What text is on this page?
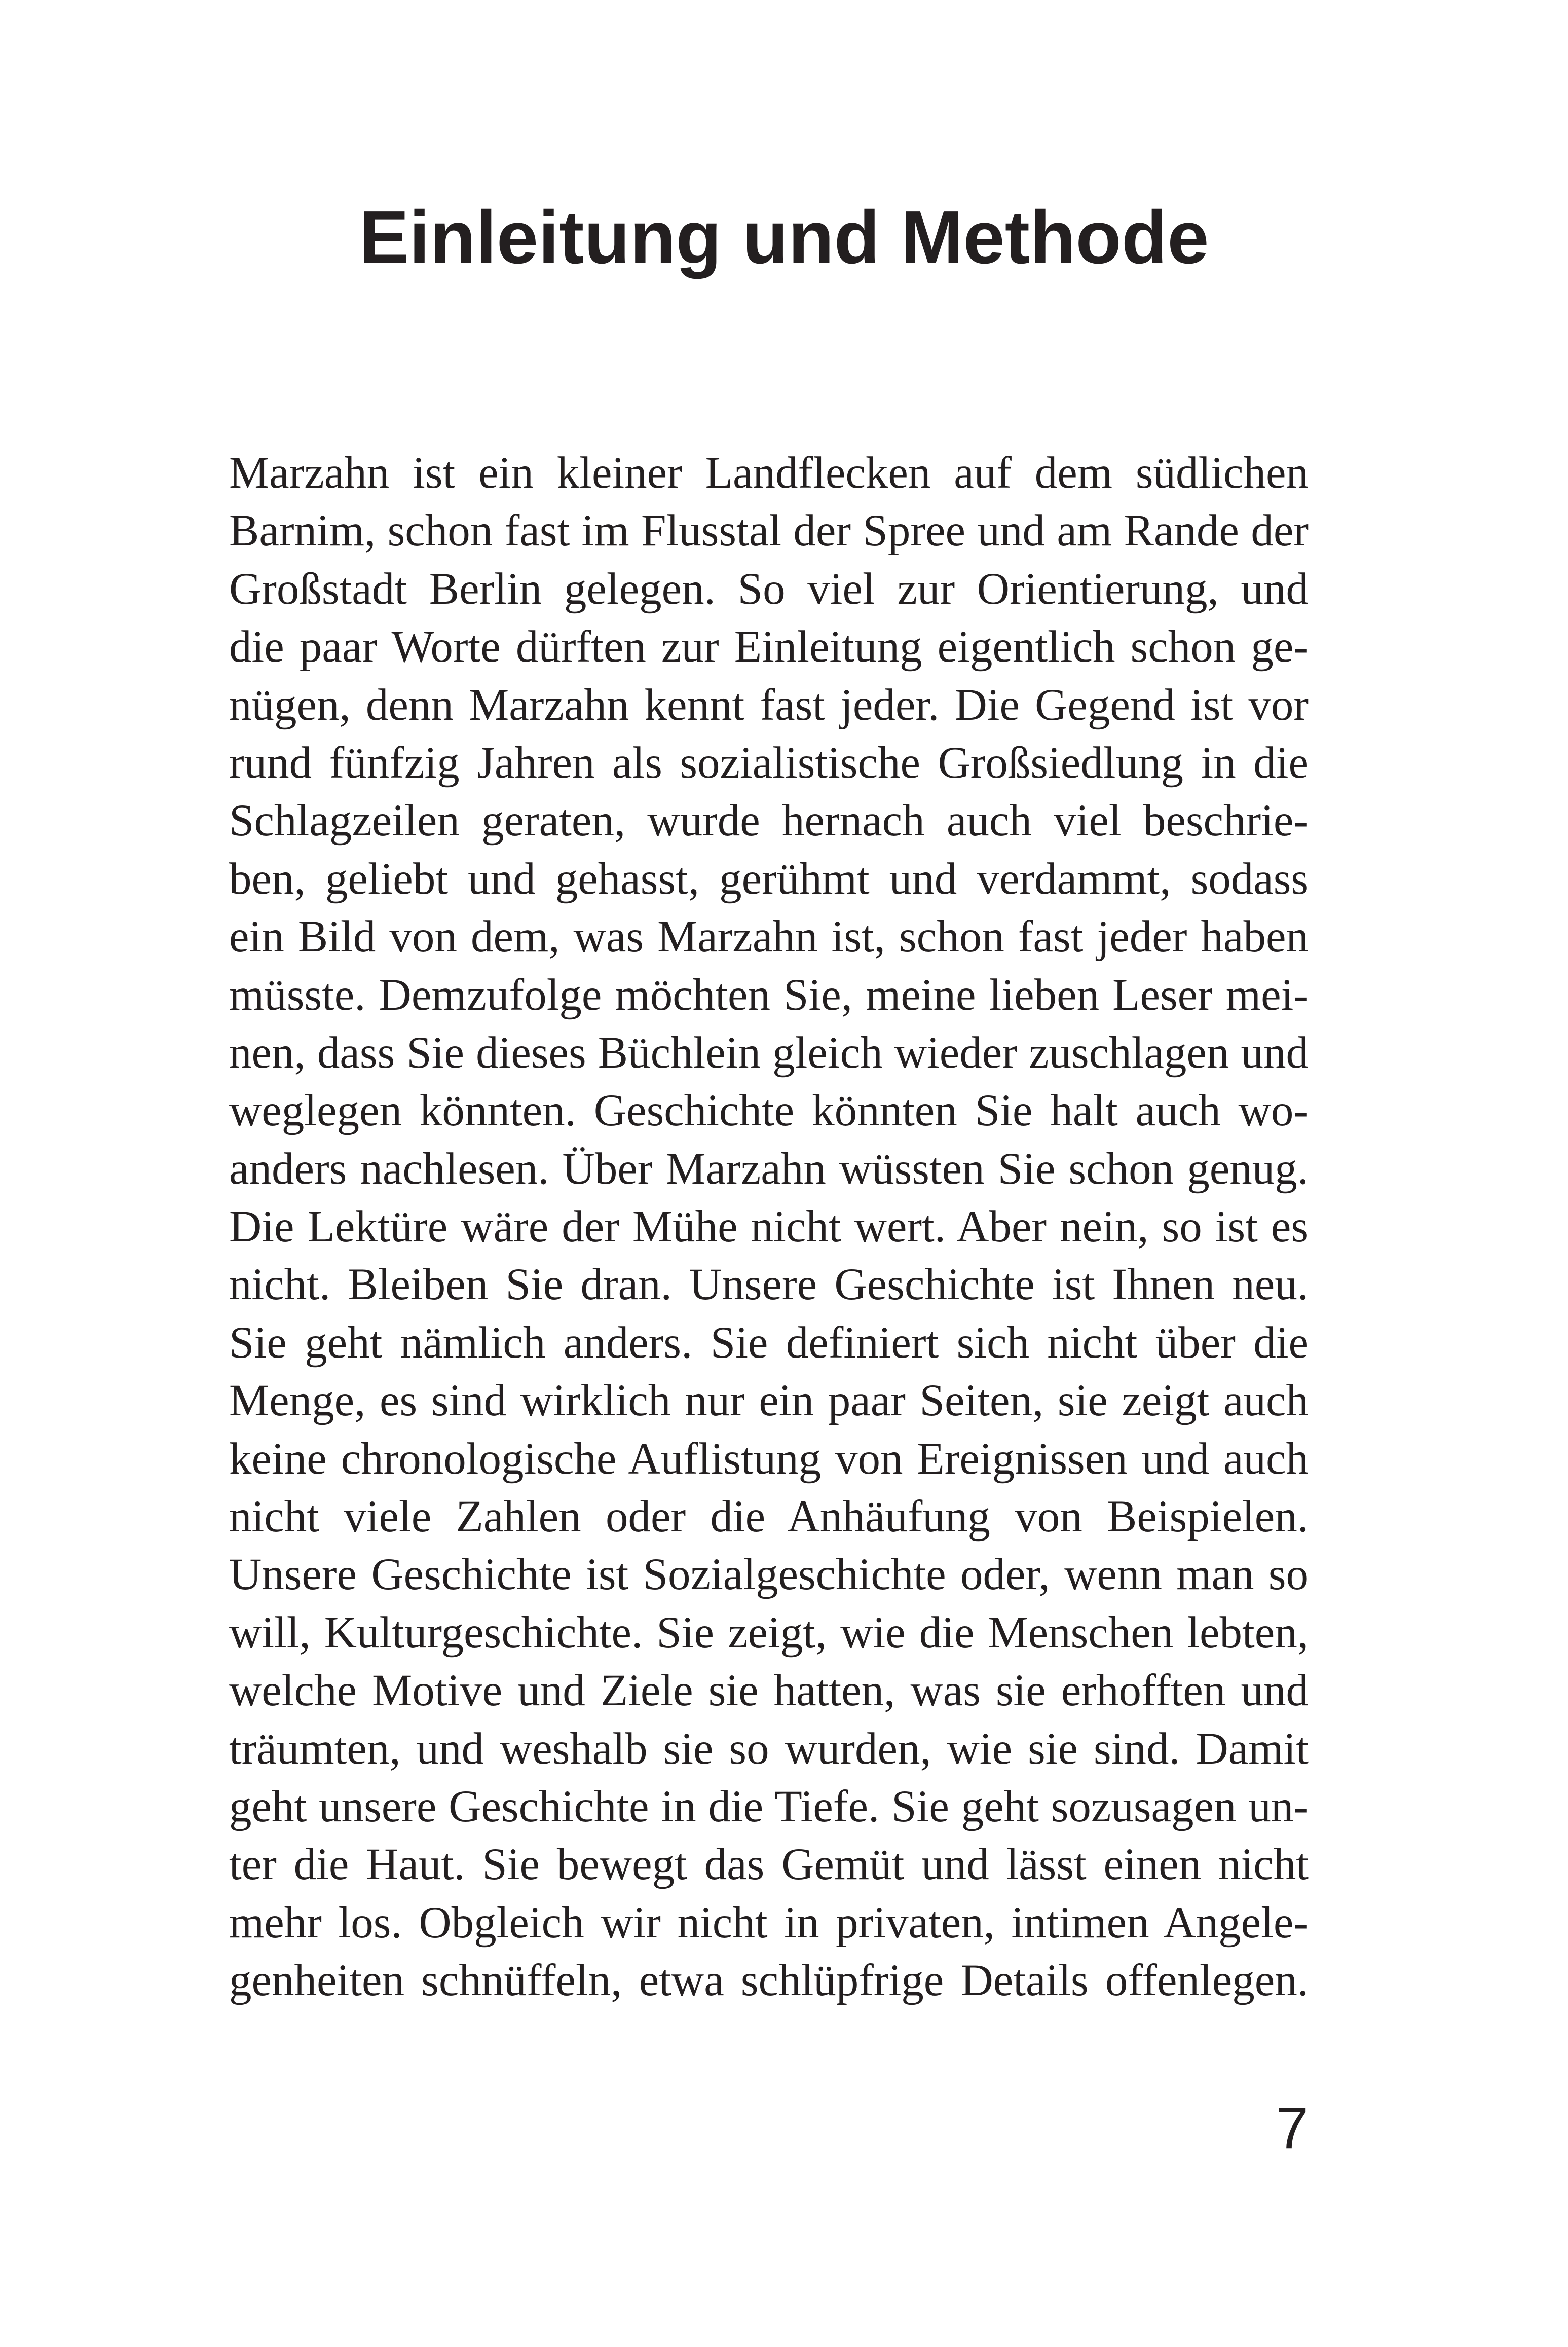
Einleitung und Methode
Marzahn ist ein kleiner Landflecken auf dem südlichen
Barnim, schon fast im Flusstal der Spree und am Rande der
Großstadt Berlin gelegen. So viel zur Orientierung, und
die paar Worte dürften zur Einleitung eigentlich schon ge-
nügen, denn Marzahn kennt fast jeder. Die Gegend ist vor
rund fünfzig Jahren als sozialistische Großsiedlung in die
Schlagzeilen geraten, wurde hernach auch viel beschrie-
ben, geliebt und gehasst, gerühmt und verdammt, sodass
ein Bild von dem, was Marzahn ist, schon fast jeder haben
müsste. Demzufolge möchten Sie, meine lieben Leser mei-
nen, dass Sie dieses Büchlein gleich wieder zuschlagen und
weglegen könnten. Geschichte könnten Sie halt auch wo-
anders nachlesen. Über Marzahn wüssten Sie schon genug.
Die Lektüre wäre der Mühe nicht wert. Aber nein, so ist es
nicht. Bleiben Sie dran. Unsere Geschichte ist Ihnen neu.
Sie geht nämlich anders. Sie definiert sich nicht über die
Menge, es sind wirklich nur ein paar Seiten, sie zeigt auch
keine chronologische Auflistung von Ereignissen und auch
nicht viele Zahlen oder die Anhäufung von Beispielen.
Unsere Geschichte ist Sozialgeschichte oder, wenn man so
will, Kulturgeschichte. Sie zeigt, wie die Menschen lebten,
welche Motive und Ziele sie hatten, was sie erhofften und
träumten, und weshalb sie so wurden, wie sie sind. Damit
geht unsere Geschichte in die Tiefe. Sie geht sozusagen un-
ter die Haut. Sie bewegt das Gemüt und lässt einen nicht
mehr los. Obgleich wir nicht in privaten, intimen Angele-
genheiten schnüffeln, etwa schlüpfrige Details offenlegen.
7
